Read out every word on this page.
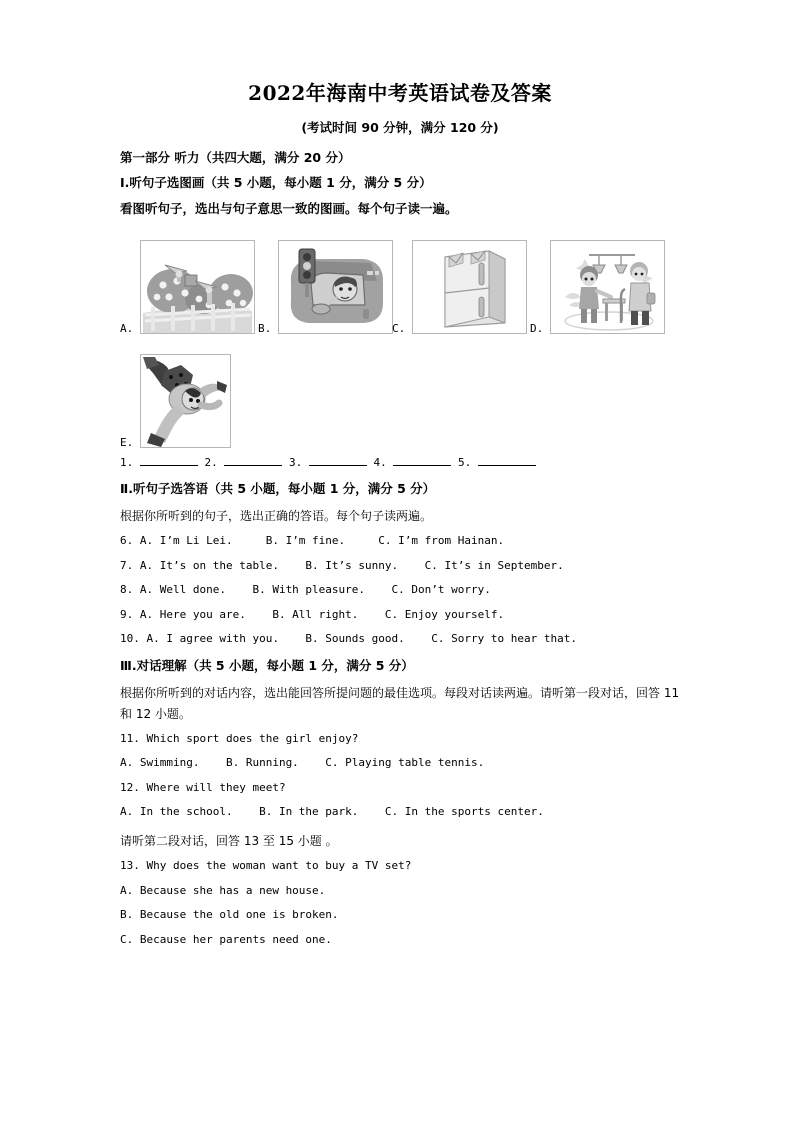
2022年海南中考英语试卷及答案
(考试时间 90 分钟，满分 120 分)
第一部分 听力（共四大题，满分 20 分）
Ⅰ.听句子选图画（共 5 小题，每小题 1 分，满分 5 分）
看图听句子，选出与句子意思一致的图画。每个句子读一遍。
A.	B.	C.	D.
E.
1.	2.	3.	4.	5.
Ⅱ.听句子选答语（共 5 小题，每小题 1 分，满分 5 分）
根据你所听到的句子，选出正确的答语。每个句子读两遍。
6. A. I’m Li Lei.     B. I’m fine.     C. I’m from Hainan.
7. A. It’s on the table.    B. It’s sunny.    C. It’s in September.
8. A. Well done.    B. With pleasure.    C. Don’t worry.
9. A. Here you are.    B. All right.    C. Enjoy yourself.
10. A. I agree with you.    B. Sounds good.    C. Sorry to hear that.
Ⅲ.对话理解（共 5 小题，每小题 1 分，满分 5 分）
根据你所听到的对话内容，选出能回答所提问题的最佳选项。每段对话读两遍。请听第一段对话，回答 11 和 12 小题。
11. Which sport does the girl enjoy?
A. Swimming.    B. Running.    C. Playing table tennis.
12. Where will they meet?
A. In the school.    B. In the park.    C. In the sports center.
请听第二段对话，回答 13 至 15 小题 。
13. Why does the woman want to buy a TV set?
A. Because she has a new house.
B. Because the old one is broken.
C. Because her parents need one.
